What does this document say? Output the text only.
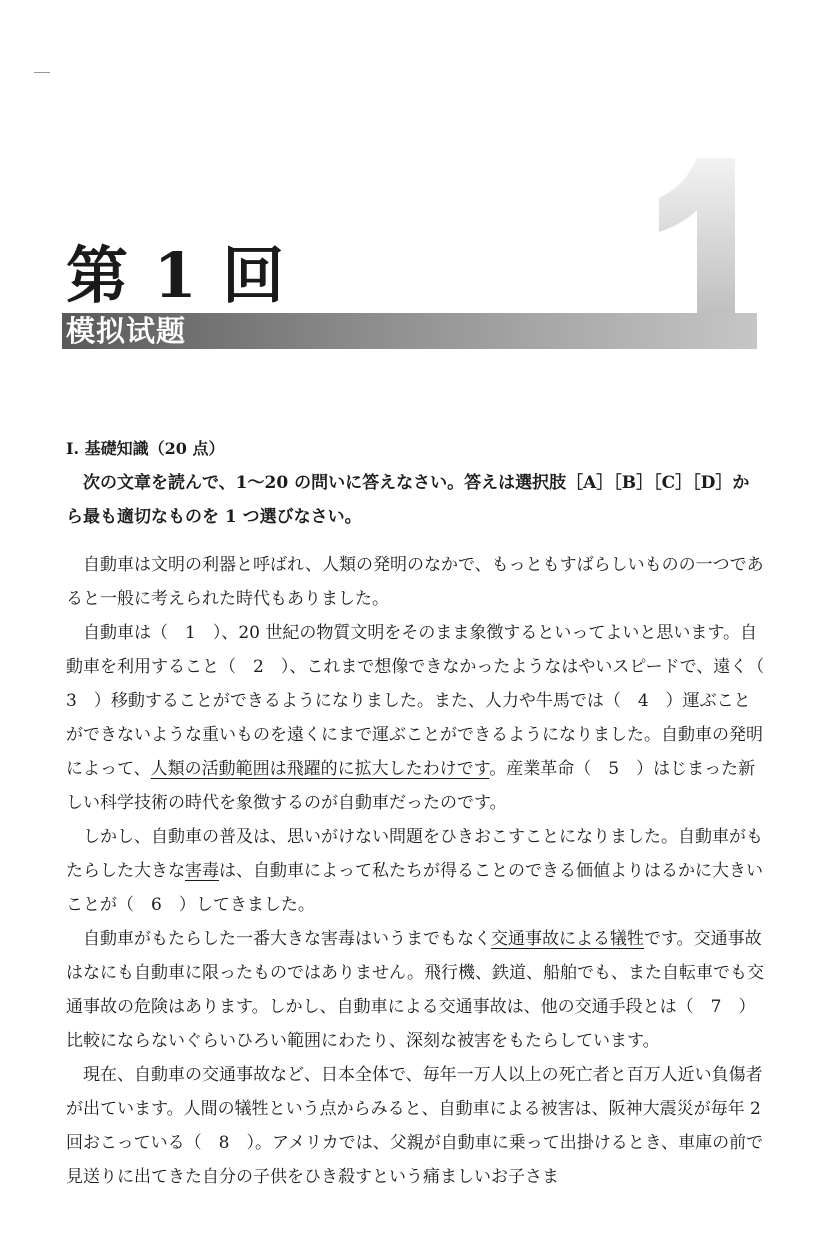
1
第 1 回
模拟试题
I. 基礎知識（20 点）

次の文章を読んで、1〜20 の問いに答えなさい。答えは選択肢［A］［B］［C］［D］から最も適切なものを 1 つ選びなさい。

自動車は文明の利器と呼ばれ、人類の発明のなかで、もっともすばらしいものの一つであると一般に考えられた時代もありました。

自動車は（　1　）、20 世紀の物質文明をそのまま象徴するといってよいと思います。自動車を利用すること（　2　）、これまで想像できなかったようなはやいスピードで、遠く（　3　）移動することができるようになりました。また、人力や牛馬では（　4　）運ぶことができないような重いものを遠くにまで運ぶことができるようになりました。自動車の発明によって、人類の活動範囲は飛躍的に拡大したわけです。産業革命（　5　）はじまった新しい科学技術の時代を象徴するのが自動車だったのです。

しかし、自動車の普及は、思いがけない問題をひきおこすことになりました。自動車がもたらした大きな害毒は、自動車によって私たちが得ることのできる価値よりはるかに大きいことが（　6　）してきました。

自動車がもたらした一番大きな害毒はいうまでもなく交通事故による犠牲です。交通事故はなにも自動車に限ったものではありません。飛行機、鉄道、船舶でも、また自転車でも交通事故の危険はあります。しかし、自動車による交通事故は、他の交通手段とは（　7　）比較にならないぐらいひろい範囲にわたり、深刻な被害をもたらしています。

現在、自動車の交通事故など、日本全体で、毎年一万人以上の死亡者と百万人近い負傷者が出ています。人間の犠牲という点からみると、自動車による被害は、阪神大震災が毎年 2 回おこっている（　8　）。アメリカでは、父親が自動車に乗って出掛けるとき、車庫の前で見送りに出てきた自分の子供をひき殺すという痛ましいお子さま
